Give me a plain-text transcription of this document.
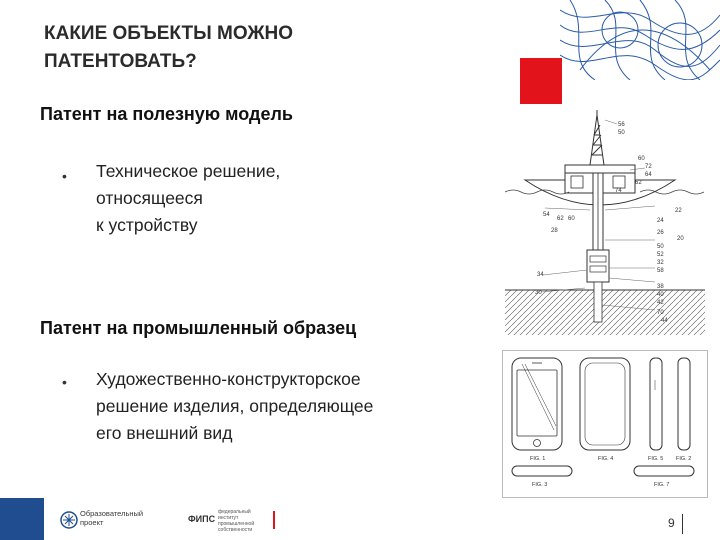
КАКИЕ ОБЪЕКТЫ МОЖНО
ПАТЕНТОВАТЬ?
Патент на полезную модель
• Техническое решение,
относящееся
к устройству
Патент на промышленный образец
• Художественно-конструкторское
решение изделия, определяющее
его внешний вид
56
50
60
72
64
62
22
24
26
20
50
52
32
58
38
40
42
70
44
74
54
62 60
28
34
30
FIG. 1	FIG. 4	FIG. 5 FIG. 2
FIG. 3	FIG. 7
Образовательный
проект	ФИПС
федеральный
институт
промышленной
собственности	9
